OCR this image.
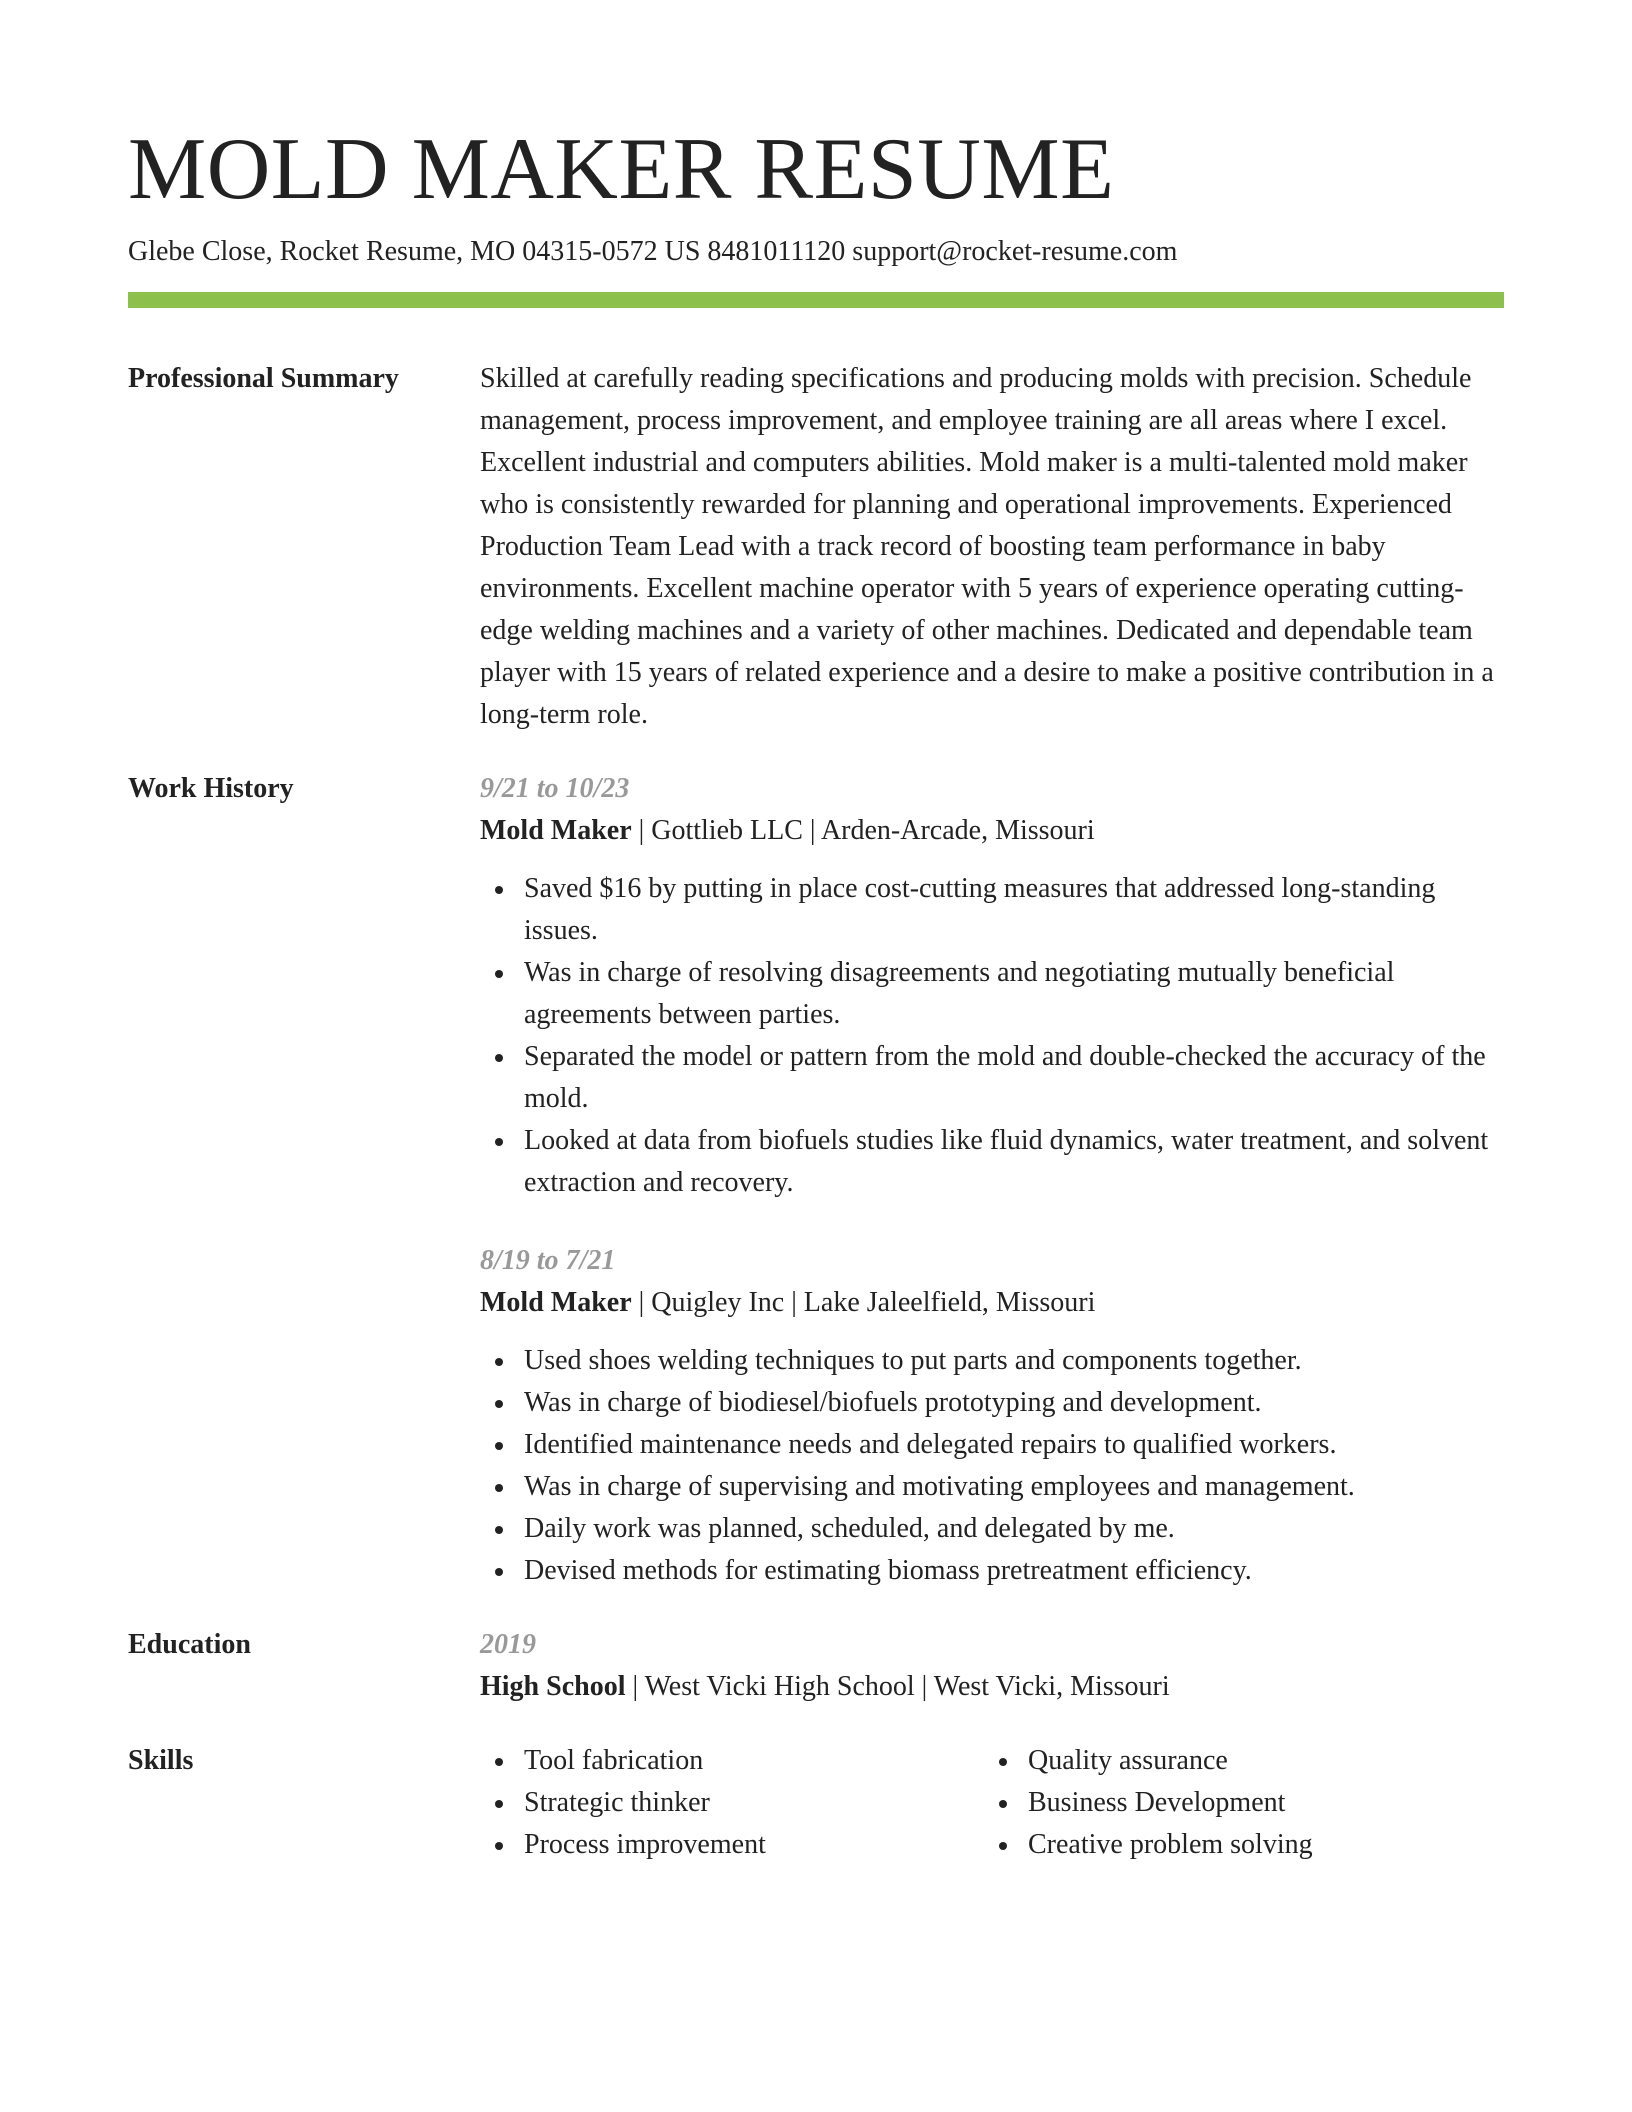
MOLD MAKER RESUME
Glebe Close, Rocket Resume, MO 04315-0572 US 8481011120 support@rocket-resume.com
Professional Summary	Skilled at carefully reading specifications and producing molds with precision. Schedule management, process improvement, and employee training are all areas where I excel. Excellent industrial and computers abilities. Mold maker is a multi-talented mold maker who is consistently rewarded for planning and operational improvements. Experienced Production Team Lead with a track record of boosting team performance in baby environments. Excellent machine operator with 5 years of experience operating cutting-edge welding machines and a variety of other machines. Dedicated and dependable team player with 15 years of related experience and a desire to make a positive contribution in a long-term role.
Work History	9/21 to 10/23
Mold Maker | Gottlieb LLC | Arden-Arcade, Missouri
Saved $16 by putting in place cost-cutting measures that addressed long-standing issues.
Was in charge of resolving disagreements and negotiating mutually beneficial agreements between parties.
Separated the model or pattern from the mold and double-checked the accuracy of the mold.
Looked at data from biofuels studies like fluid dynamics, water treatment, and solvent extraction and recovery.
8/19 to 7/21
Mold Maker | Quigley Inc | Lake Jaleelfield, Missouri
Used shoes welding techniques to put parts and components together.
Was in charge of biodiesel/biofuels prototyping and development.
Identified maintenance needs and delegated repairs to qualified workers.
Was in charge of supervising and motivating employees and management.
Daily work was planned, scheduled, and delegated by me.
Devised methods for estimating biomass pretreatment efficiency.
Education	2019
High School | West Vicki High School | West Vicki, Missouri
Skills	Tool fabrication
Strategic thinker
Process improvement
Quality assurance
Business Development
Creative problem solving
